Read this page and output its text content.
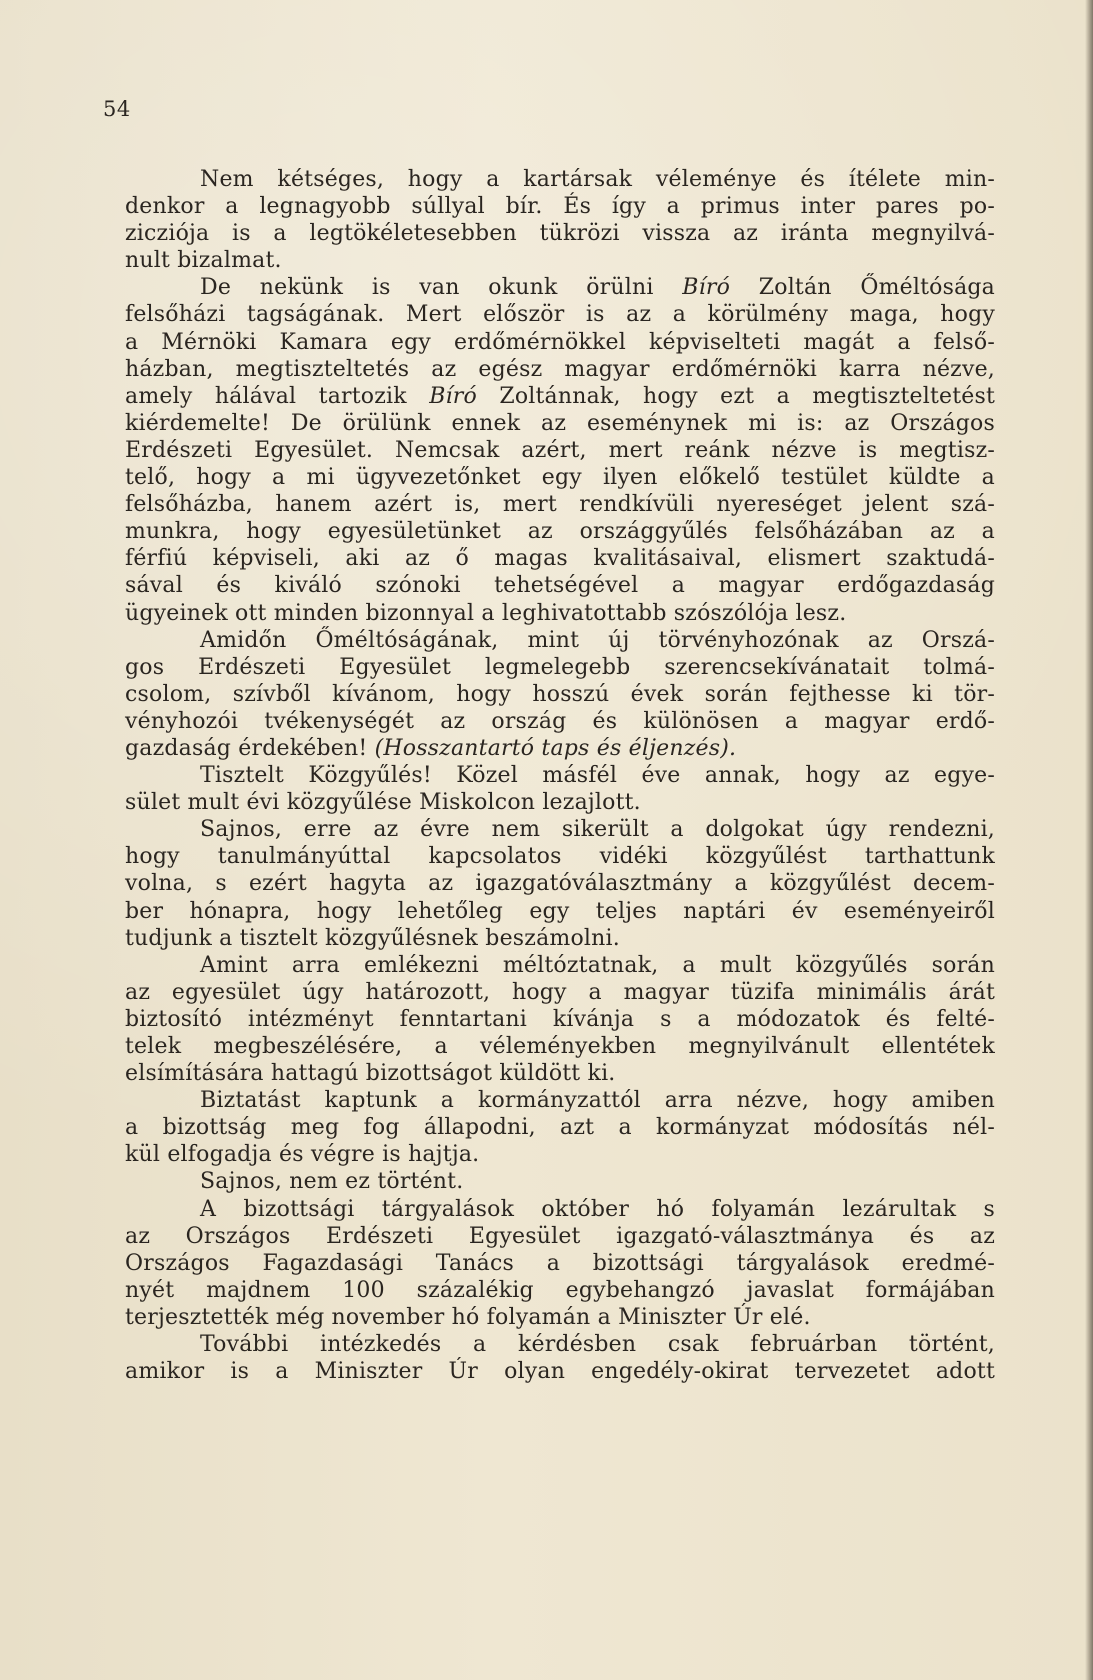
54
Nem kétséges, hogy a kartársak véleménye és ítélete min-
denkor a legnagyobb súllyal bír. És így a primus inter pares po-
zicziója is a legtökéletesebben tükrözi vissza az iránta megnyilvá-
nult bizalmat.
De nekünk is van okunk örülni Bíró Zoltán Őméltósága
felsőházi tagságának. Mert először is az a körülmény maga, hogy
a Mérnöki Kamara egy erdőmérnökkel képviselteti magát a felső-
házban, megtiszteltetés az egész magyar erdőmérnöki karra nézve,
amely hálával tartozik Bíró Zoltánnak, hogy ezt a megtiszteltetést
kiérdemelte! De örülünk ennek az eseménynek mi is: az Országos
Erdészeti Egyesület. Nemcsak azért, mert reánk nézve is megtisz-
telő, hogy a mi ügyvezetőnket egy ilyen előkelő testület küldte a
felsőházba, hanem azért is, mert rendkívüli nyereséget jelent szá-
munkra, hogy egyesületünket az országgyűlés felsőházában az a
férfiú képviseli, aki az ő magas kvalitásaival, elismert szaktudá-
sával és kiváló szónoki tehetségével a magyar erdőgazdaság
ügyeinek ott minden bizonnyal a leghivatottabb szószólója lesz.
Amidőn Őméltóságának, mint új törvényhozónak az Orszá-
gos Erdészeti Egyesület legmelegebb szerencsekívánatait tolmá-
csolom, szívből kívánom, hogy hosszú évek során fejthesse ki tör-
vényhozói tvékenységét az ország és különösen a magyar erdő-
gazdaság érdekében! (Hosszantartó taps és éljenzés).
Tisztelt Közgyűlés! Közel másfél éve annak, hogy az egye-
sület mult évi közgyűlése Miskolcon lezajlott.
Sajnos, erre az évre nem sikerült a dolgokat úgy rendezni,
hogy tanulmányúttal kapcsolatos vidéki közgyűlést tarthattunk
volna, s ezért hagyta az igazgatóválasztmány a közgyűlést decem-
ber hónapra, hogy lehetőleg egy teljes naptári év eseményeiről
tudjunk a tisztelt közgyűlésnek beszámolni.
Amint arra emlékezni méltóztatnak, a mult közgyűlés során
az egyesület úgy határozott, hogy a magyar tüzifa minimális árát
biztosító intézményt fenntartani kívánja s a módozatok és felté-
telek megbeszélésére, a véleményekben megnyilvánult ellentétek
elsímítására hattagú bizottságot küldött ki.
Biztatást kaptunk a kormányzattól arra nézve, hogy amiben
a bizottság meg fog állapodni, azt a kormányzat módosítás nél-
kül elfogadja és végre is hajtja.
Sajnos, nem ez történt.
A bizottsági tárgyalások október hó folyamán lezárultak s
az Országos Erdészeti Egyesület igazgató-választmánya és az
Országos Fagazdasági Tanács a bizottsági tárgyalások eredmé-
nyét majdnem 100 százalékig egybehangzó javaslat formájában
terjesztették még november hó folyamán a Miniszter Úr elé.
További intézkedés a kérdésben csak februárban történt,
amikor is a Miniszter Úr olyan engedély-okirat tervezetet adott
